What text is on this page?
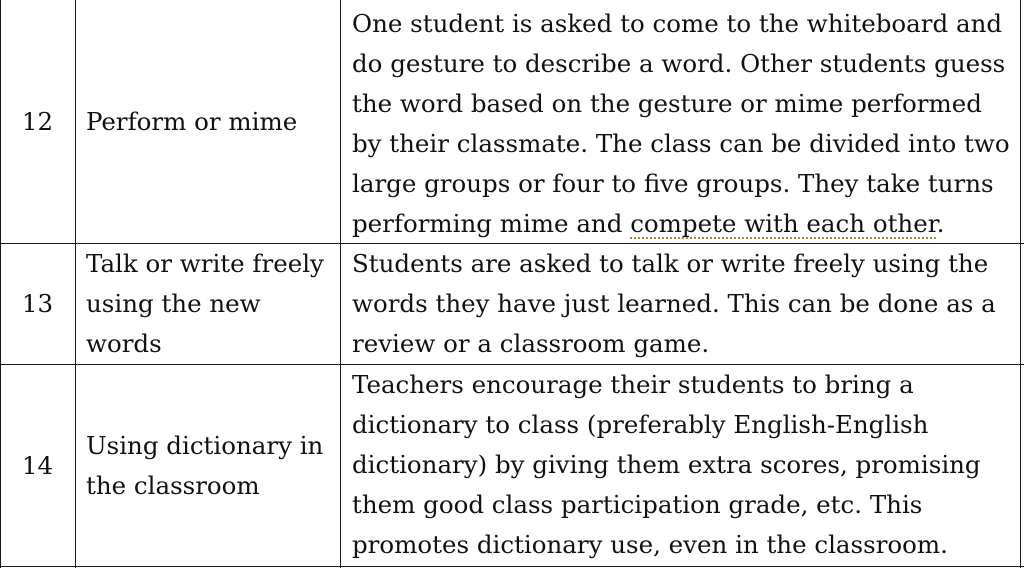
12 Perform or mime
One student is asked to come to the whiteboard and
do gesture to describe a word. Other students guess
the word based on the gesture or mime performed
by their classmate. The class can be divided into two
large groups or four to five groups. They take turns
performing mime and compete with each other.
13
Talk or write freely
using the new
words
Students are asked to talk or write freely using the
words they have just learned. This can be done as a
review or a classroom game.
14
Using dictionary in
the classroom
Teachers encourage their students to bring a
dictionary to class (preferably English-English
dictionary) by giving them extra scores, promising
them good class participation grade, etc. This
promotes dictionary use, even in the classroom.
